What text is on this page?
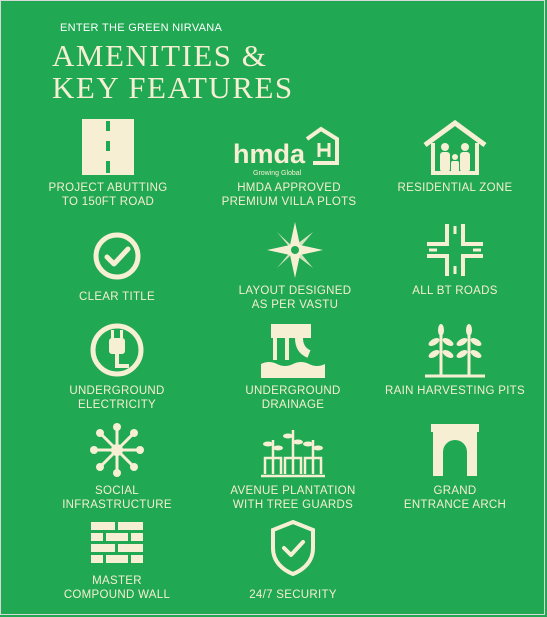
ENTER THE GREEN NIRVANA
AMENITIES &
KEY FEATURES
PROJECT ABUTTING
TO 150FT ROAD
hmda
Growing Global
HMDA APPROVED
PREMIUM VILLA PLOTS
RESIDENTIAL ZONE
CLEAR TITLE	LAYOUT DESIGNED
AS PER VASTU
ALL BT ROADS
UNDERGROUND
ELECTRICITY
UNDERGROUND
DRAINAGE
RAIN HARVESTING PITS
SOCIAL
INFRASTRUCTURE
AVENUE PLANTATION
WITH TREE GUARDS
GRAND
ENTRANCE ARCH
MASTER
COMPOUND WALL	24/7 SECURITY
